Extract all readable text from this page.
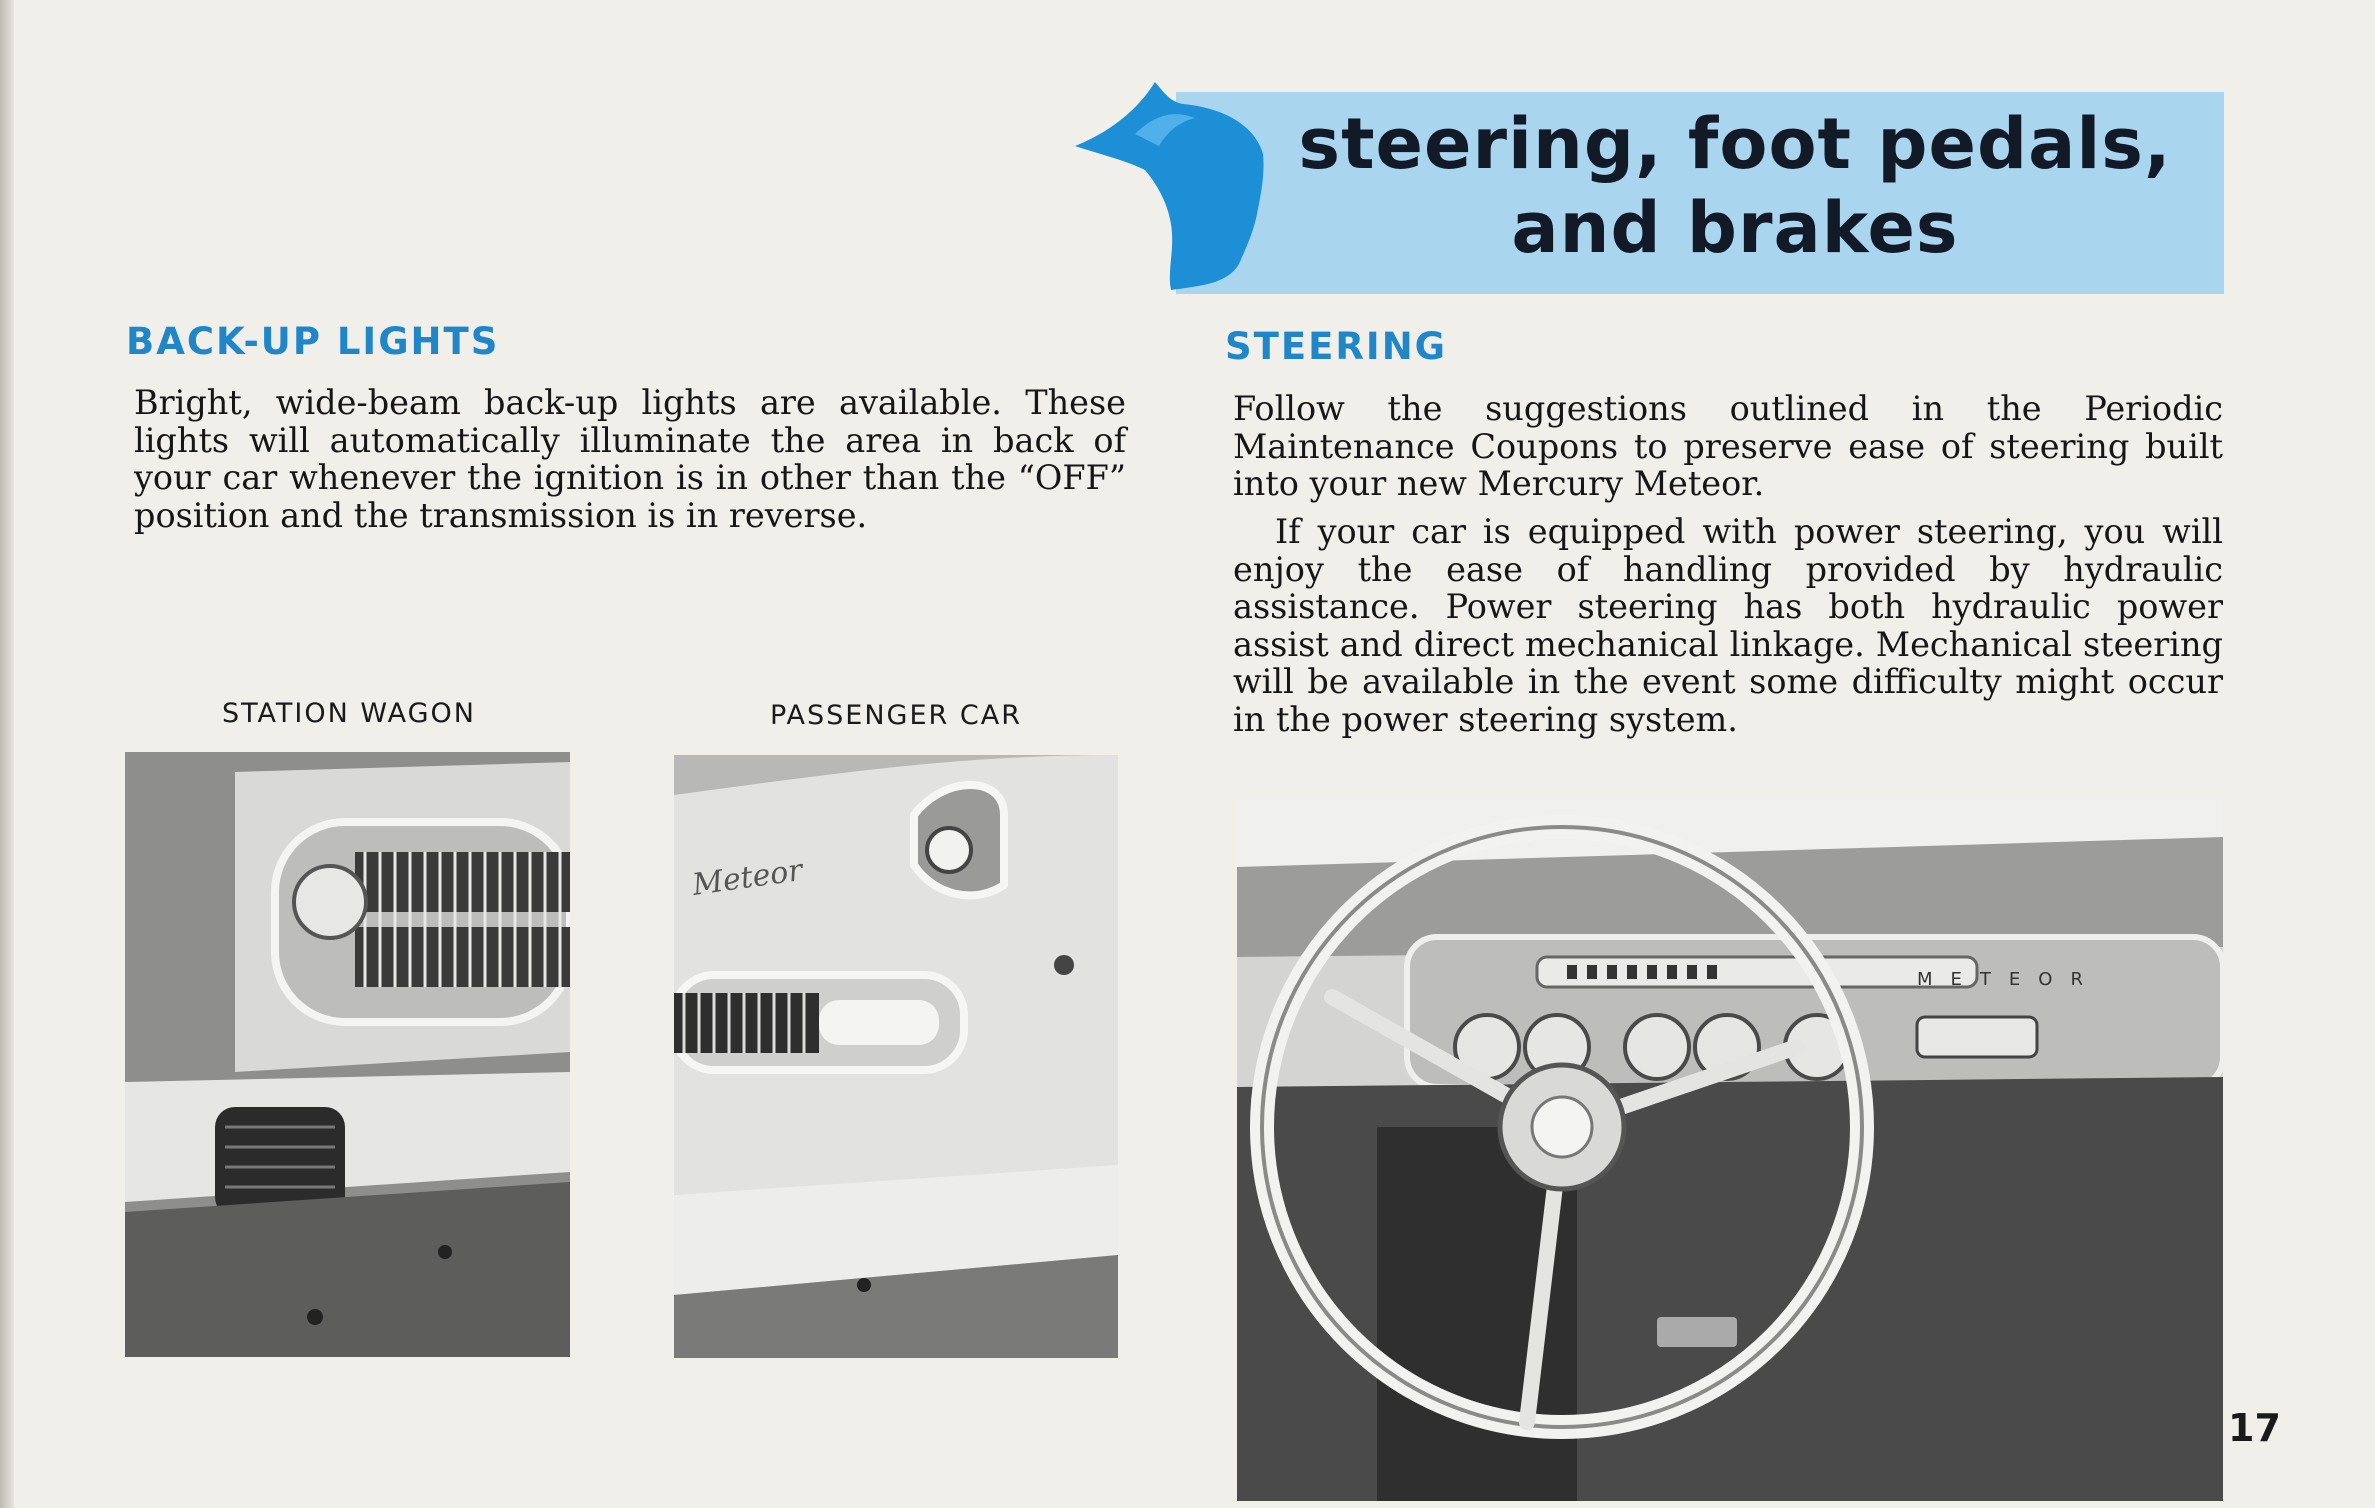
steering, foot pedals,
and brakes
BACK-UP LIGHTS

Bright, wide-beam back-up lights are available. These lights will automatically illuminate the area in back of your car whenever the ignition is in other than the “OFF” position and the transmission is in reverse.

STATION WAGON	PASSENGER CAR
Meteor
STEERING

Follow the suggestions outlined in the Periodic Maintenance Coupons to preserve ease of steering built into your new Mercury Meteor.

If your car is equipped with power steering, you will enjoy the ease of handling provided by hydraulic assistance. Power steering has both hydraulic power assist and direct mechanical linkage. Mechanical steering will be available in the event some difficulty might occur in the power steering system.

METEOR
17
